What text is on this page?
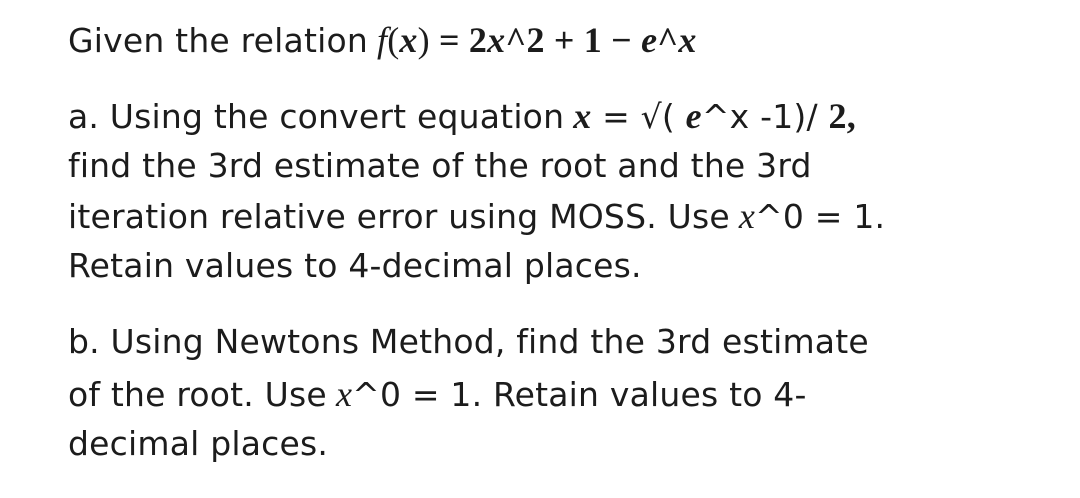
Given the relation f(x) = 2x^2 + 1 − e^x
a. Using the convert equation x = √( e^x -1)/ 2,
find the 3rd estimate of the root and the 3rd
iteration relative error using MOSS. Use x^0 = 1.
Retain values to 4-decimal places.
b. Using Newtons Method, find the 3rd estimate
of the root. Use x^0 = 1. Retain values to 4-
decimal places.
